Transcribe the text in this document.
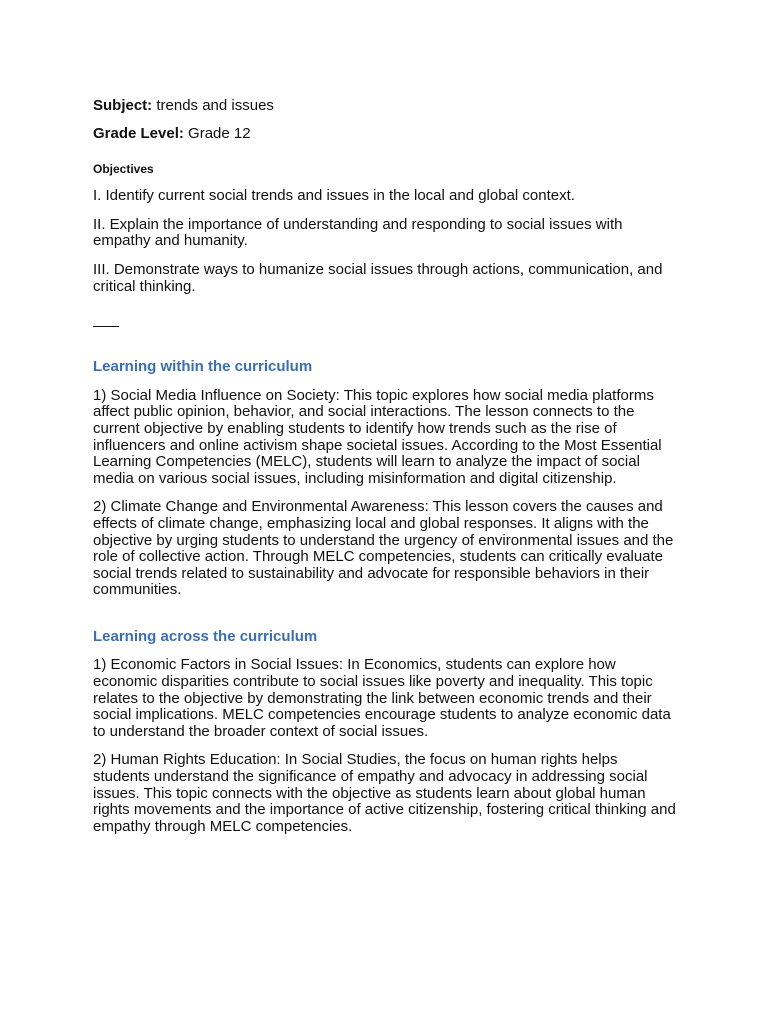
Subject: trends and issues

Grade Level: Grade 12

Objectives

I. Identify current social trends and issues in the local and global context.

II. Explain the importance of understanding and responding to social issues with empathy and humanity.

III. Demonstrate ways to humanize social issues through actions, communication, and critical thinking.

Learning within the curriculum

1) Social Media Influence on Society: This topic explores how social media platforms affect public opinion, behavior, and social interactions. The lesson connects to the current objective by enabling students to identify how trends such as the rise of influencers and online activism shape societal issues. According to the Most Essential Learning Competencies (MELC), students will learn to analyze the impact of social media on various social issues, including misinformation and digital citizenship.

2) Climate Change and Environmental Awareness: This lesson covers the causes and effects of climate change, emphasizing local and global responses. It aligns with the objective by urging students to understand the urgency of environmental issues and the role of collective action. Through MELC competencies, students can critically evaluate social trends related to sustainability and advocate for responsible behaviors in their communities.

Learning across the curriculum

1) Economic Factors in Social Issues: In Economics, students can explore how economic disparities contribute to social issues like poverty and inequality. This topic relates to the objective by demonstrating the link between economic trends and their social implications. MELC competencies encourage students to analyze economic data to understand the broader context of social issues.

2) Human Rights Education: In Social Studies, the focus on human rights helps students understand the significance of empathy and advocacy in addressing social issues. This topic connects with the objective as students learn about global human rights movements and the importance of active citizenship, fostering critical thinking and empathy through MELC competencies.
